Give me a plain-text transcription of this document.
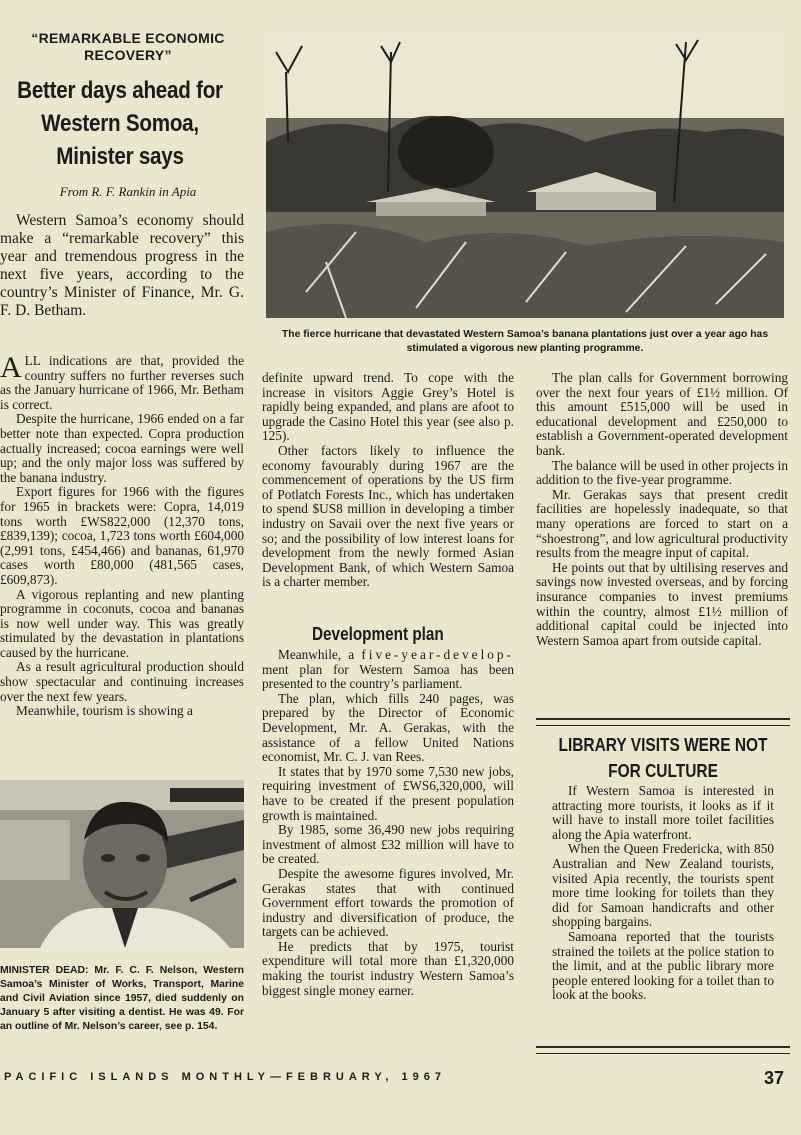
“REMARKABLE ECONOMIC RECOVERY”
Better days ahead for Western Somoa, Minister says
From R. F. Rankin in Apia

Western Samoa’s economy should make a “remarkable recovery” this year and tremendous progress in the next five years, according to the country’s Minister of Finance, Mr. G. F. D. Betham.

ALL indications are that, provided the country suffers no further reverses such as the January hurricane of 1966, Mr. Betham is correct.

Despite the hurricane, 1966 ended on a far better note than expected. Copra production actually increased; cocoa earnings were well up; and the only major loss was suffered by the banana industry.

Export figures for 1966 with the figures for 1965 in brackets were: Copra, 14,019 tons worth £WS822,000 (12,370 tons, £839,139); cocoa, 1,723 tons worth £604,000 (2,991 tons, £454,466) and bananas, 61,970 cases worth £80,000 (481,565 cases, £609,873).

A vigorous replanting and new planting programme in coconuts, cocoa and bananas is now well under way. This was greatly stimulated by the devastation in plantations caused by the hurricane.

As a result agricultural production should show spectacular and continuing increases over the next few years.

Meanwhile, tourism is showing a

MINISTER DEAD: Mr. F. C. F. Nelson, Western Samoa’s Minister of Works, Transport, Marine and Civil Aviation since 1957, died suddenly on January 5 after visiting a dentist. He was 49. For an outline of Mr. Nelson’s career, see p. 154.
The fierce hurricane that devastated Western Samoa’s banana plantations just over a year ago has stimulated a vigorous new planting programme.

definite upward trend. To cope with the increase in visitors Aggie Grey’s Hotel is rapidly being expanded, and plans are afoot to upgrade the Casino Hotel this year (see also p. 125).

Other factors likely to influence the economy favourably during 1967 are the commencement of operations by the US firm of Potlatch Forests Inc., which has undertaken to spend $US8 million in developing a timber industry on Savaii over the next five years or so; and the possibility of low interest loans for development from the newly formed Asian Development Bank, of which Western Samoa is a charter member.

Development plan

Meanwhile, a five-year-develop-ment plan for Western Samoa has been presented to the country’s parliament.

The plan, which fills 240 pages, was prepared by the Director of Economic Development, Mr. A. Gerakas, with the assistance of a fellow United Nations economist, Mr. C. J. van Rees.

It states that by 1970 some 7,530 new jobs, requiring investment of £WS6,320,000, will have to be created if the present population growth is maintained.

By 1985, some 36,490 new jobs requiring investment of almost £32 million will have to be created.

Despite the awesome figures involved, Mr. Gerakas states that with continued Government effort towards the promotion of industry and diversification of produce, the targets can be achieved.

He predicts that by 1975, tourist expenditure will total more than £1,320,000 making the tourist industry Western Samoa’s biggest single money earner.

The plan calls for Government borrowing over the next four years of £1½ million. Of this amount £515,000 will be used in educational development and £250,000 to establish a Government-operated development bank.

The balance will be used in other projects in addition to the five-year programme.

Mr. Gerakas says that present credit facilities are hopelessly inadequate, so that many operations are forced to start on a “shoestrong”, and low agricultural productivity results from the meagre input of capital.

He points out that by ultilising reserves and savings now invested overseas, and by forcing insurance companies to invest premiums within the country, almost £1½ million of additional capital could be injected into Western Samoa apart from outside capital.

LIBRARY VISITS WERE NOT FOR CULTURE

If Western Samoa is interested in attracting more tourists, it looks as if it will have to install more toilet facilities along the Apia waterfront.

When the Queen Fredericka, with 850 Australian and New Zealand tourists, visited Apia recently, the tourists spent more time looking for toilets than they did for Samoan handicrafts and other shopping bargains.

Samoana reported that the tourists strained the toilets at the police station to the limit, and at the public library more people entered looking for a toilet than to look at the books.

PACIFIC ISLANDS MONTHLY—FEBRUARY, 1967	37
